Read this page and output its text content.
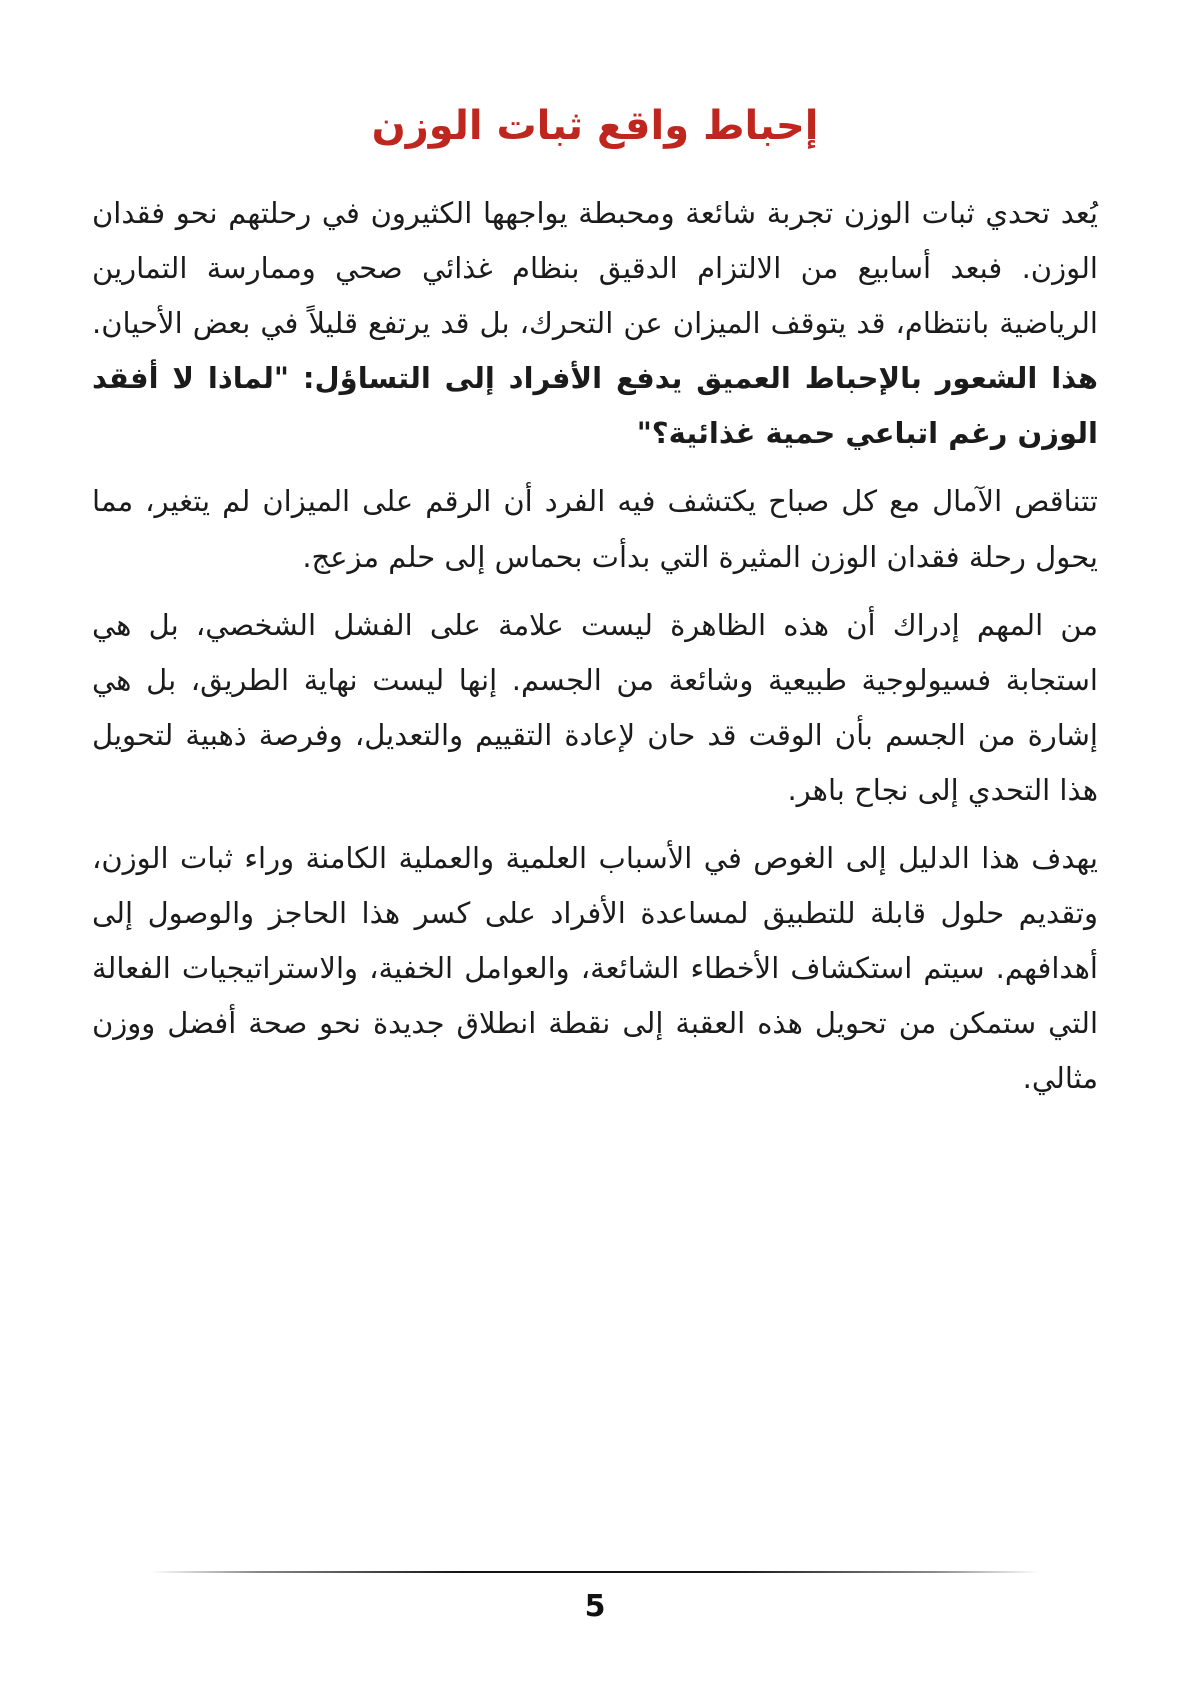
إحباط واقع ثبات الوزن

يُعد تحدي ثبات الوزن تجربة شائعة ومحبطة يواجهها الكثيرون في رحلتهم نحو فقدان الوزن. فبعد أسابيع من الالتزام الدقيق بنظام غذائي صحي وممارسة التمارين الرياضية بانتظام، قد يتوقف الميزان عن التحرك، بل قد يرتفع قليلاً في بعض الأحيان. هذا الشعور بالإحباط العميق يدفع الأفراد إلى التساؤل: "لماذا لا أفقد الوزن رغم اتباعي حمية غذائية؟"

تتناقص الآمال مع كل صباح يكتشف فيه الفرد أن الرقم على الميزان لم يتغير، مما يحول رحلة فقدان الوزن المثيرة التي بدأت بحماس إلى حلم مزعج.

من المهم إدراك أن هذه الظاهرة ليست علامة على الفشل الشخصي، بل هي استجابة فسيولوجية طبيعية وشائعة من الجسم. إنها ليست نهاية الطريق، بل هي إشارة من الجسم بأن الوقت قد حان لإعادة التقييم والتعديل، وفرصة ذهبية لتحويل هذا التحدي إلى نجاح باهر.

يهدف هذا الدليل إلى الغوص في الأسباب العلمية والعملية الكامنة وراء ثبات الوزن، وتقديم حلول قابلة للتطبيق لمساعدة الأفراد على كسر هذا الحاجز والوصول إلى أهدافهم. سيتم استكشاف الأخطاء الشائعة، والعوامل الخفية، والاستراتيجيات الفعالة التي ستمكن من تحويل هذه العقبة إلى نقطة انطلاق جديدة نحو صحة أفضل ووزن مثالي.

5
